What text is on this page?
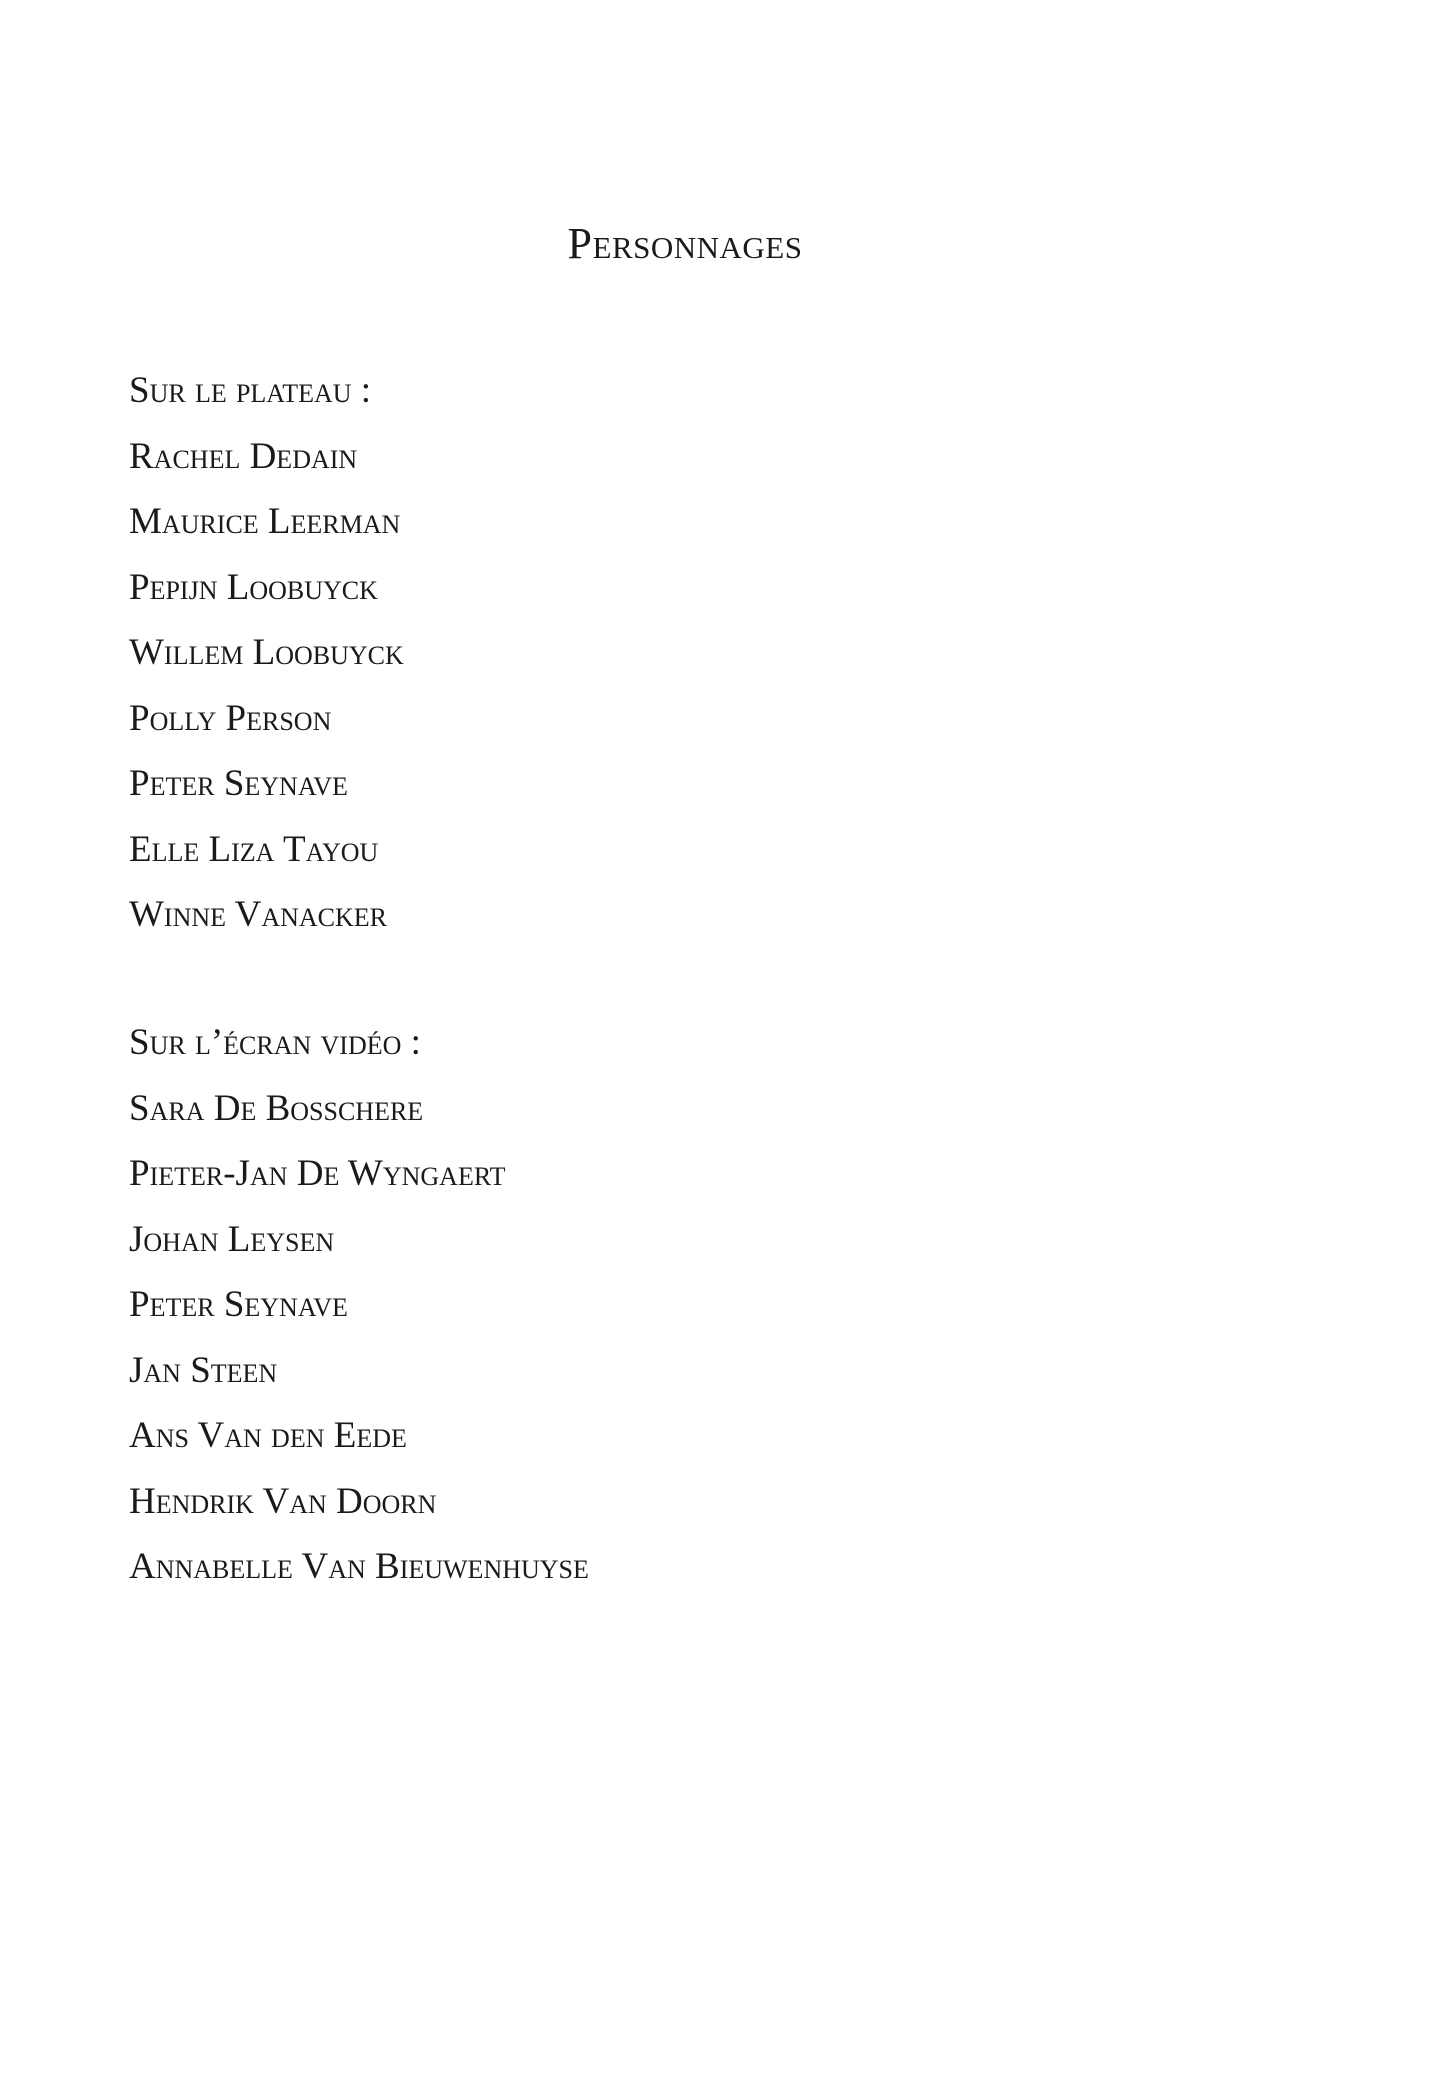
Personnages
Sur le plateau :
Rachel Dedain
Maurice Leerman
Pepijn Loobuyck
Willem Loobuyck
Polly Person
Peter Seynave
Elle Liza Tayou
Winne Vanacker
Sur l’écran vidéo :
Sara De Bosschere
Pieter-Jan De Wyngaert
Johan Leysen
Peter Seynave
Jan Steen
Ans Van den Eede
Hendrik Van Doorn
Annabelle Van Bieuwenhuyse
